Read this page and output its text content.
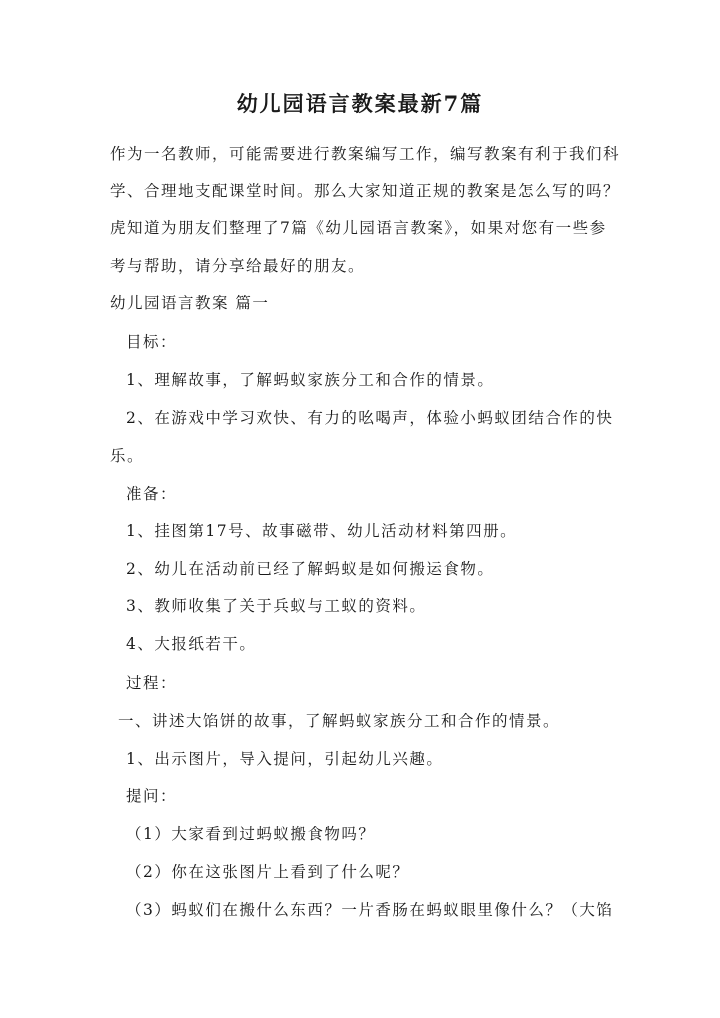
幼儿园语言教案最新7篇
作为一名教师，可能需要进行教案编写工作，编写教案有利于我们科
学、合理地支配课堂时间。那么大家知道正规的教案是怎么写的吗？
虎知道为朋友们整理了7篇《幼儿园语言教案》，如果对您有一些参
考与帮助，请分享给最好的朋友。
幼儿园语言教案 篇一
目标：
1、理解故事，了解蚂蚁家族分工和合作的情景。
2、在游戏中学习欢快、有力的吆喝声，体验小蚂蚁团结合作的快
乐。
准备：
1、挂图第17号、故事磁带、幼儿活动材料第四册。
2、幼儿在活动前已经了解蚂蚁是如何搬运食物。
3、教师收集了关于兵蚁与工蚁的资料。
4、大报纸若干。
过程：
一、讲述大馅饼的故事，了解蚂蚁家族分工和合作的情景。
1、出示图片，导入提问，引起幼儿兴趣。
提问：
（1）大家看到过蚂蚁搬食物吗？
（2）你在这张图片上看到了什么呢？
（3）蚂蚁们在搬什么东西？一片香肠在蚂蚁眼里像什么？（大馅
